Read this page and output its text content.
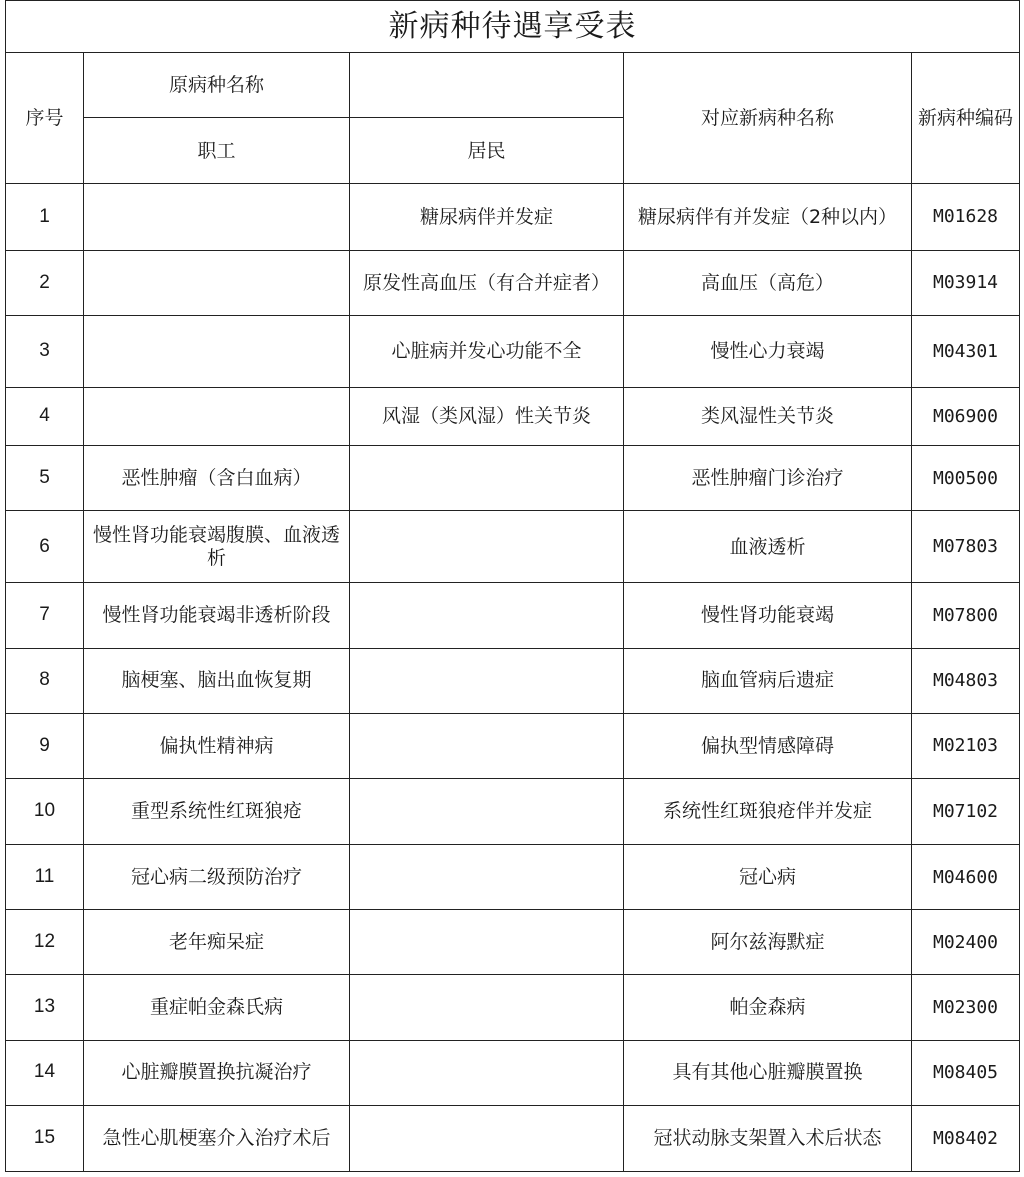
新病种待遇享受表				
序号	原病种名称		对应新病种名称	新病种编码
	职工	居民		
1		糖尿病伴并发症	糖尿病伴有并发症（2种以内）	M01628
2		原发性高血压（有合并症者）	高血压（高危）	M03914
3		心脏病并发心功能不全	慢性心力衰竭	M04301
4		风湿（类风湿）性关节炎	类风湿性关节炎	M06900
5	恶性肿瘤（含白血病）		恶性肿瘤门诊治疗	M00500
6	慢性肾功能衰竭腹膜、血液透析		血液透析	M07803
7	慢性肾功能衰竭非透析阶段		慢性肾功能衰竭	M07800
8	脑梗塞、脑出血恢复期		脑血管病后遗症	M04803
9	偏执性精神病		偏执型情感障碍	M02103
10	重型系统性红斑狼疮		系统性红斑狼疮伴并发症	M07102
11	冠心病二级预防治疗		冠心病	M04600
12	老年痴呆症		阿尔兹海默症	M02400
13	重症帕金森氏病		帕金森病	M02300
14	心脏瓣膜置换抗凝治疗		具有其他心脏瓣膜置换	M08405
15	急性心肌梗塞介入治疗术后		冠状动脉支架置入术后状态	M08402
